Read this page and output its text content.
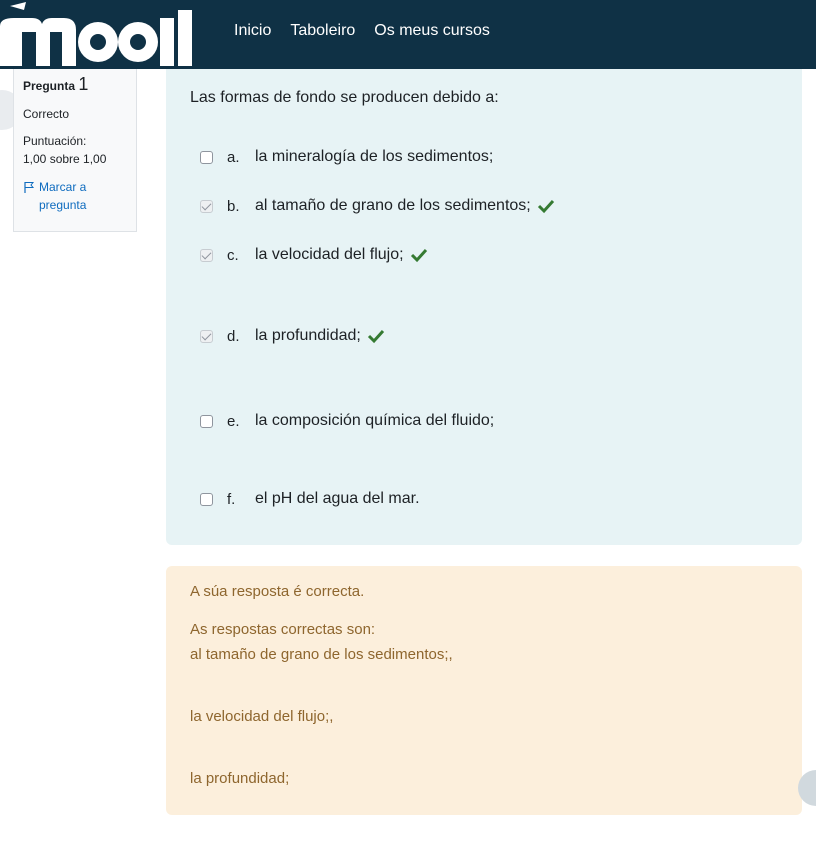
Inicio Taboleiro Os meus cursos
Pregunta 1
Correcto
Puntuación:
1,00 sobre 1,00
Marcar a pregunta
Las formas de fondo se producen debido a:
a. la mineralogía de los sedimentos;
b. al tamaño de grano de los sedimentos;
c.	la velocidad del flujo;
d. la profundidad;
e. la composición química del fluido;
f.	el pH del agua del mar.
A súa resposta é correcta.
As respostas correctas son:
al tamaño de grano de los sedimentos;,
la velocidad del flujo;,
la profundidad;
